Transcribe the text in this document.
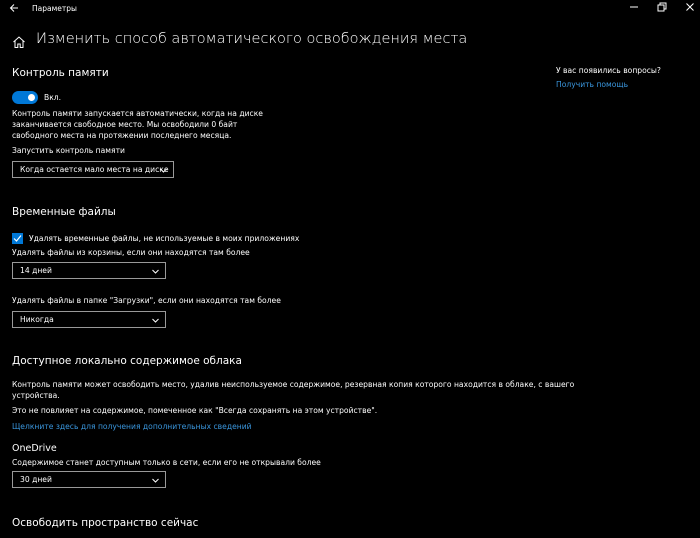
Параметры
Изменить способ автоматического освобождения места
Контроль памяти
Вкл.
Контроль памяти запускается автоматически, когда на диске
заканчивается свободное место. Мы освободили 0 байт
свободного места на протяжении последнего месяца.
Запустить контроль памяти
Когда остается мало места на диске
Временные файлы
Удалять временные файлы, не используемые в моих приложениях
Удалять файлы из корзины, если они находятся там более
14 дней
Удалять файлы в папке "Загрузки", если они находятся там более
Никогда
Доступное локально содержимое облака
Контроль памяти может освободить место, удалив неиспользуемое содержимое, резервная копия которого находится в облаке, с вашего
устройства.
Это не повлияет на содержимое, помеченное как "Всегда сохранять на этом устройстве".
Щелкните здесь для получения дополнительных сведений
OneDrive
Содержимое станет доступным только в сети, если его не открывали более
30 дней
Освободить пространство сейчас
У вас появились вопросы?
Получить помощь
